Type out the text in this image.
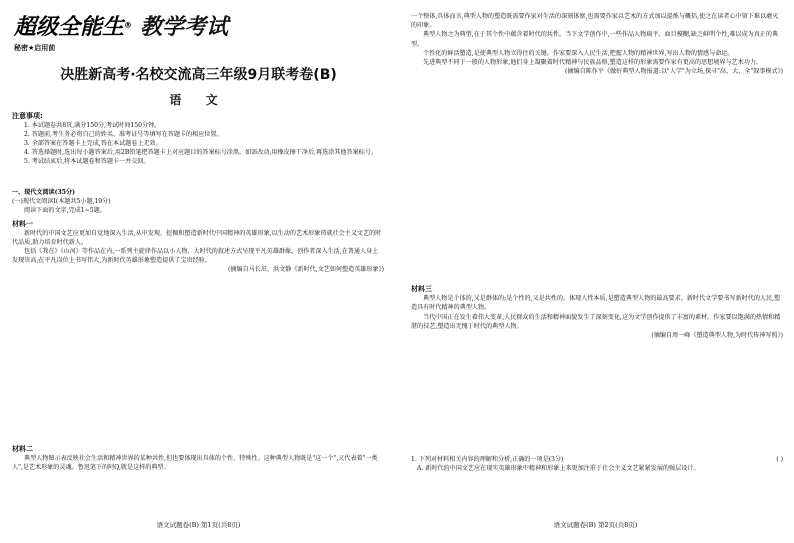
超级全能生® 教学考试
秘密★启用前
决胜新高考·名校交流高三年级9月联考卷(B)
语 文

注意事项:

1. 本试题卷共8页,满分150分,考试时间150分钟。

2. 答题前,考生务必将自己的姓名、准考证号等填写在答题卡的相应位置。

3. 全部答案在答题卡上完成,答在本试题卷上无效。

4. 答选择题时,选出每小题答案后,用2B铅笔把答题卡上对应题目的答案标号涂黑。如需改动,用橡皮擦干净后,再选涂其他答案标号。

5. 考试结束后,将本试题卷和答题卡一并交回。

一、现代文阅读(35分)

(一)现代文阅读Ⅰ(本题共5小题,19分)

阅读下面的文字,完成1~5题。

材料一

新时代的中国文艺应更加自觉地深入生活,从申发现、挖掘和塑造新时代中国精神的英雄形象,以生动的艺术形象铸就社会主义文艺的时代品质,助力培育时代新人。

包括《我在》《山河》等作品在内,一系列主旋律作品以小人物、大时代的叙述方式呈现平凡英雄群像。创作者深入生活,在普通人身上发现崇高,在平凡岗位上书写伟大,为新时代英雄形象塑造提供了宝贵经验。

(摘编自马长茁、洪文静《新时代,文艺如何塑造英雄形象》)

材料二

典型人物图示表反映社会生活和精神世界的某种共性,但也要体现出具体的个性、特殊性。这种典型人物既是"这一个",又代表着"一类人",是艺术形象的灵魂。鲁迅笔下的阿Q,就是这样的典型。

语文试题卷(B) 第1页(共8页)

一个整体,具体而言,典型人物的塑造既需要作家对生活的深刻体察,也需要作家以艺术的方式加以提炼与概括,使之在读者心中留下难以磨灭的印象。

典型人物之为典型,在于其个性中蕴含着时代的共性。当下文学创作中,一些作品人物扁平、面目模糊,缺乏鲜明个性,难以成为真正的典型。

个性化的鲜活塑造,是使典型人物立得住的关键。作家要深入人民生活,把握人物的精神世界,写出人物的情感与命运。

先进典型不同于一般的人物形象,他们身上凝聚着时代精神与民族品格,塑造这样的形象需要作家有更高的思想境界与艺术功力。

(摘编自陈作平《做好典型人物报道:以"人学"为立场,探寻"高、大、全"叙事模式》)

材料三

典型人物是个体的,又是群体的;是个性的,又是共性的。体现人性本质,是塑造典型人物的最高要求。新时代文学要书写新时代的人民,塑造具有时代精神的典型人物。

当代中国正在发生着伟大变革,人民群众的生活和精神面貌发生了深刻变化,这为文学创作提供了丰富的素材。作家要以饱满的热情和精湛的技艺,塑造出无愧于时代的典型人物。

(摘编自周一峰《塑造典型人物,为时代传神写照》)

1. 下列对材料相关内容的理解和分析,正确的一项是(3分)	( )

A. 新时代的中国文艺应在现实英雄形象中精神和形象上来更加注重于社会主义文艺紧紧发展的强层设计。

语文试题卷(B) 第2页(共8页)
